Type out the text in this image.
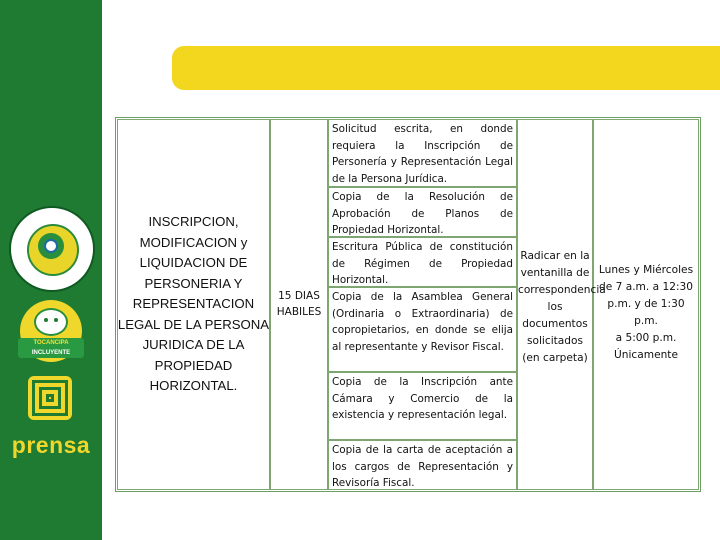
TOCANCIPA
INCLUYENTE
prensa
INSCRIPCION,
MODIFICACION y
LIQUIDACION DE
PERSONERIA Y
REPRESENTACION
LEGAL DE LA PERSONA
JURIDICA DE LA
PROPIEDAD
HORIZONTAL.
15 DIAS
HABILES
Solicitud escrita, en donde requiera la Inscripción de Personería y Representación Legal de la Persona Jurídica.
Copia de la Resolución de Aprobación de Planos de Propiedad Horizontal.
Escritura Pública de constitución de Régimen de Propiedad Horizontal.
Copia de la Asamblea General (Ordinaria o Extraordinaria) de copropietarios, en donde se elija al representante y Revisor Fiscal.
Copia de la Inscripción ante Cámara y Comercio de la existencia y representación legal.
Copia de la carta de aceptación a los cargos de Representación y Revisoría Fiscal.
Radicar en la
ventanilla de
correspondencia los
documentos
solicitados
(en carpeta)
Lunes y Miércoles
de 7 a.m. a 12:30
p.m. y de 1:30 p.m.
a 5:00 p.m.
Únicamente
